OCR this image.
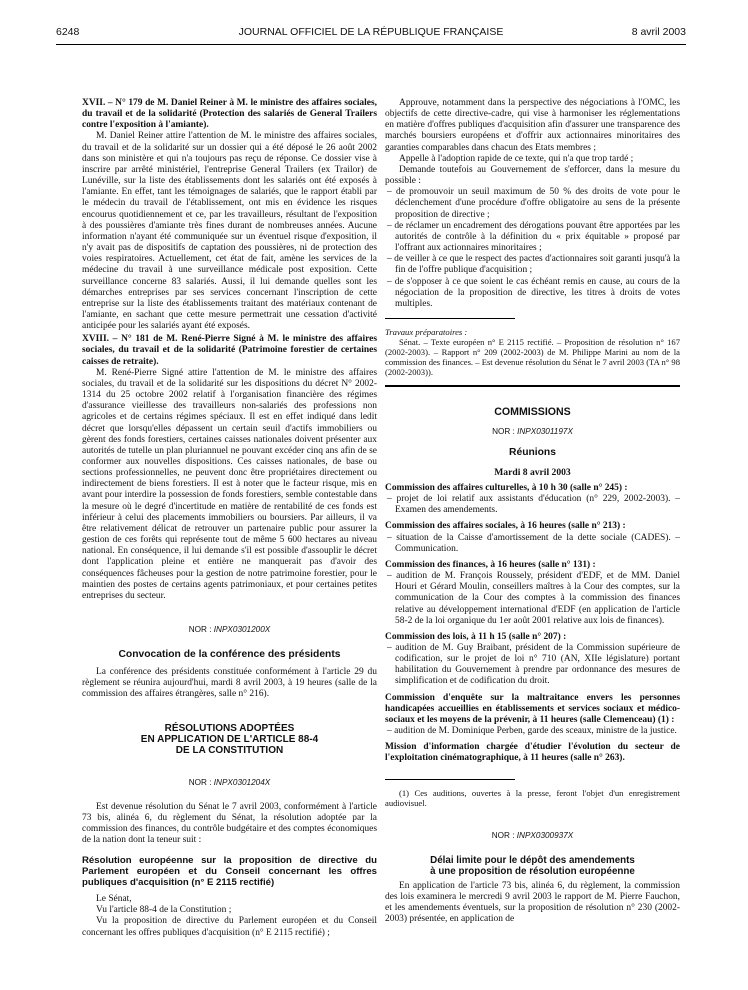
6248	JOURNAL OFFICIEL DE LA RÉPUBLIQUE FRANÇAISE	8 avril 2003

XVII. – N° 179 de M. Daniel Reiner à M. le ministre des affaires sociales, du travail et de la solidarité (Protection des salariés de General Trailers contre l'exposition à l'amiante).

M. Daniel Reiner attire l'attention de M. le ministre des affaires sociales, du travail et de la solidarité sur un dossier qui a été déposé le 26 août 2002 dans son ministère et qui n'a toujours pas reçu de réponse. Ce dossier vise à inscrire par arrêté ministériel, l'entreprise General Trailers (ex Trailor) de Lunéville, sur la liste des établissements dont les salariés ont été exposés à l'amiante. En effet, tant les témoignages de salariés, que le rapport établi par le médecin du travail de l'établissement, ont mis en évidence les risques encourus quotidiennement et ce, par les travailleurs, résultant de l'exposition à des poussières d'amiante très fines durant de nombreuses années. Aucune information n'ayant été communiquée sur un éventuel risque d'exposition, il n'y avait pas de dispositifs de captation des poussières, ni de protection des voies respiratoires. Actuellement, cet état de fait, amène les services de la médecine du travail à une surveillance médicale post exposition. Cette surveillance concerne 83 salariés. Aussi, il lui demande quelles sont les démarches entreprises par ses services concernant l'inscription de cette entreprise sur la liste des établissements traitant des matériaux contenant de l'amiante, en sachant que cette mesure permettrait une cessation d'activité anticipée pour les salariés ayant été exposés.

XVIII. – N° 181 de M. René-Pierre Signé à M. le ministre des affaires sociales, du travail et de la solidarité (Patrimoine forestier de certaines caisses de retraite).

M. René-Pierre Signé attire l'attention de M. le ministre des affaires sociales, du travail et de la solidarité sur les dispositions du décret N° 2002-1314 du 25 octobre 2002 relatif à l'organisation financière des régimes d'assurance vieillesse des travailleurs non-salariés des professions non agricoles et de certains régimes spéciaux. Il est en effet indiqué dans ledit décret que lorsqu'elles dépassent un certain seuil d'actifs immobiliers ou gèrent des fonds forestiers, certaines caisses nationales doivent présenter aux autorités de tutelle un plan pluriannuel ne pouvant excéder cinq ans afin de se conformer aux nouvelles dispositions. Ces caisses nationales, de base ou sections professionnelles, ne peuvent donc être propriétaires directement ou indirectement de biens forestiers. Il est à noter que le facteur risque, mis en avant pour interdire la possession de fonds forestiers, semble contestable dans la mesure où le degré d'incertitude en matière de rentabilité de ces fonds est inférieur à celui des placements immobiliers ou boursiers. Par ailleurs, il va être relativement délicat de retrouver un partenaire public pour assurer la gestion de ces forêts qui représente tout de même 5 600 hectares au niveau national. En conséquence, il lui demande s'il est possible d'assouplir le décret dont l'application pleine et entière ne manquerait pas d'avoir des conséquences fâcheuses pour la gestion de notre patrimoine forestier, pour le maintien des postes de certains agents patrimoniaux, et pour certaines petites entreprises du secteur.

NOR : INPX0301200X
Convocation de la conférence des présidents

La conférence des présidents constituée conformément à l'article 29 du règlement se réunira aujourd'hui, mardi 8 avril 2003, à 19 heures (salle de la commission des affaires étrangères, salle n° 216).

RÉSOLUTIONS ADOPTÉES
EN APPLICATION DE L'ARTICLE 88-4
DE LA CONSTITUTION
NOR : INPX0301204X

Est devenue résolution du Sénat le 7 avril 2003, conformément à l'article 73 bis, alinéa 6, du règlement du Sénat, la résolution adoptée par la commission des finances, du contrôle budgétaire et des comptes économiques de la nation dont la teneur suit :

Résolution européenne sur la proposition de directive du Parlement européen et du Conseil concernant les offres publiques d'acquisition (n° E 2115 rectifié)

Le Sénat,

Vu l'article 88-4 de la Constitution ;

Vu la proposition de directive du Parlement européen et du Conseil concernant les offres publiques d'acquisition (n° E 2115 rectifié) ;

Approuve, notamment dans la perspective des négociations à l'OMC, les objectifs de cette directive-cadre, qui vise à harmoniser les réglementations en matière d'offres publiques d'acquisition afin d'assurer une transparence des marchés boursiers européens et d'offrir aux actionnaires minoritaires des garanties comparables dans chacun des Etats membres ;

Appelle à l'adoption rapide de ce texte, qui n'a que trop tardé ;

Demande toutefois au Gouvernement de s'efforcer, dans la mesure du possible :

– de promouvoir un seuil maximum de 50 % des droits de vote pour le déclenchement d'une procédure d'offre obligatoire au sens de la présente proposition de directive ;

– de réclamer un encadrement des dérogations pouvant être apportées par les autorités de contrôle à la définition du « prix équitable » proposé par l'offrant aux actionnaires minoritaires ;

– de veiller à ce que le respect des pactes d'actionnaires soit garanti jusqu'à la fin de l'offre publique d'acquisition ;

– de s'opposer à ce que soient le cas échéant remis en cause, au cours de la négociation de la proposition de directive, les titres à droits de votes multiples.

Travaux préparatoires :

Sénat. – Texte européen n° E 2115 rectifié. – Proposition de résolution n° 167 (2002-2003). – Rapport n° 209 (2002-2003) de M. Philippe Marini au nom de la commission des finances. – Est devenue résolution du Sénat le 7 avril 2003 (TA n° 98 (2002-2003)).

COMMISSIONS
NOR : INPX0301197X
Réunions
Mardi 8 avril 2003

Commission des affaires culturelles, à 10 h 30 (salle n° 245) :

– projet de loi relatif aux assistants d'éducation (n° 229, 2002-2003). – Examen des amendements.

Commission des affaires sociales, à 16 heures (salle n° 213) :

– situation de la Caisse d'amortissement de la dette sociale (CADES). – Communication.

Commission des finances, à 16 heures (salle n° 131) :

– audition de M. François Roussely, président d'EDF, et de MM. Daniel Houri et Gérard Moulin, conseillers maîtres à la Cour des comptes, sur la communication de la Cour des comptes à la commission des finances relative au développement international d'EDF (en application de l'article 58-2 de la loi organique du 1er août 2001 relative aux lois de finances).

Commission des lois, à 11 h 15 (salle n° 207) :

– audition de M. Guy Braibant, président de la Commission supérieure de codification, sur le projet de loi n° 710 (AN, XIIe législature) portant habilitation du Gouvernement à prendre par ordonnance des mesures de simplification et de codification du droit.

Commission d'enquête sur la maltraitance envers les personnes handicapées accueillies en établissements et services sociaux et médico-sociaux et les moyens de la prévenir, à 11 heures (salle Clemenceau) (1) :

– audition de M. Dominique Perben, garde des sceaux, ministre de la justice.

Mission d'information chargée d'étudier l'évolution du secteur de l'exploitation cinématographique, à 11 heures (salle n° 263).

(1) Ces auditions, ouvertes à la presse, feront l'objet d'un enregistrement audiovisuel.

NOR : INPX0300937X
Délai limite pour le dépôt des amendements
à une proposition de résolution européenne

En application de l'article 73 bis, alinéa 6, du règlement, la commission des lois examinera le mercredi 9 avril 2003 le rapport de M. Pierre Fauchon, et les amendements éventuels, sur la proposition de résolution n° 230 (2002-2003) présentée, en application de
